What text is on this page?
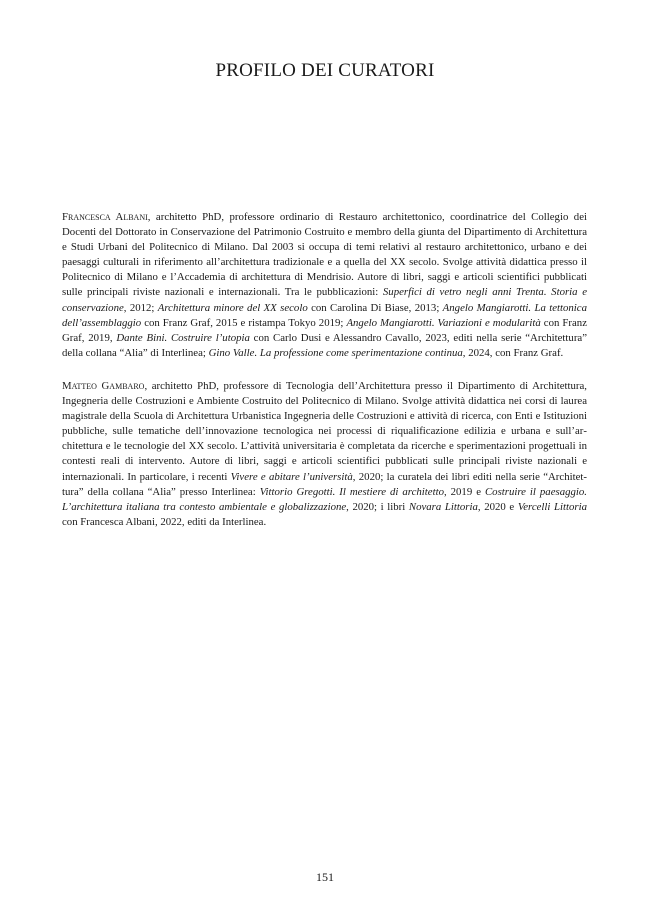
PROFILO DEI CURATORI

Francesca Albani, architetto PhD, professore ordinario di Restauro architettonico, coordinatrice del Collegio dei Docenti del Dottorato in Conservazione del Patrimonio Costruito e membro della giunta del Dipartimento di Architettura e Studi Urbani del Politecnico di Milano. Dal 2003 si occupa di temi relativi al restauro architettonico, urbano e dei paesaggi culturali in riferimento all’architettura tradizionale e a quella del XX secolo. Svolge attività didattica presso il Politecnico di Milano e l’Accademia di architettura di Mendrisio. Autore di libri, saggi e articoli scientifici pubblicati sulle principali riviste nazionali e internazionali. Tra le pubblicazioni: Superfici di vetro negli anni Trenta. Storia e conservazione, 2012; Architettura minore del XX secolo con Carolina Di Biase, 2013; Angelo Mangiarotti. La tettonica dell’assemblaggio con Franz Graf, 2015 e ristampa Tokyo 2019; Angelo Mangiarotti. Variazioni e modularità con Franz Graf, 2019, Dante Bini. Costruire l’utopia con Carlo Dusi e Alessandro Cavallo, 2023, editi nella serie “Architettura” della collana “Alia” di Interlinea; Gino Valle. La professione come sperimentazione continua, 2024, con Franz Graf.

Matteo Gambaro, architetto PhD, professore di Tecnologia dell’Architettura presso il Dipartimento di Architettura, Ingegneria delle Costruzioni e Ambiente Costruito del Politecnico di Milano. Svolge attività didattica nei corsi di laurea magistrale della Scuola di Architettura Urbanistica Ingegneria delle Costruzioni e attività di ricerca, con Enti e Istituzioni pubbliche, sulle tematiche dell’innovazione tecnologica nei processi di riqualificazione edilizia e urbana e sull’architettura e le tecnologie del XX secolo. L’attività universitaria è completata da ricerche e sperimentazioni progettuali in contesti reali di intervento. Autore di libri, saggi e articoli scientifici pubblicati sulle principali riviste nazionali e internazionali. In particolare, i recenti Vivere e abitare l’università, 2020; la curatela dei libri editi nella serie “Architettura” della collana “Alia” presso Interlinea: Vittorio Gregotti. Il mestiere di architetto, 2019 e Costruire il paesaggio. L’architettura italiana tra contesto ambientale e globalizzazione, 2020; i libri Novara Littoria, 2020 e Vercelli Littoria con Francesca Albani, 2022, editi da Interlinea.

151
